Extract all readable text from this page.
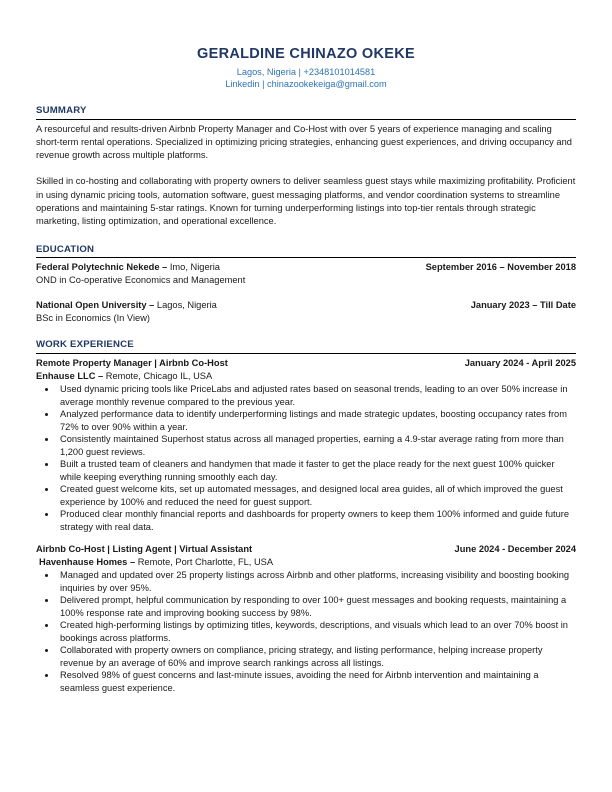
GERALDINE CHINAZO OKEKE
Lagos, Nigeria | +2348101014581
Linkedin | chinazookekeiga@gmail.com
SUMMARY

A resourceful and results-driven Airbnb Property Manager and Co-Host with over 5 years of experience managing and scaling short-term rental operations. Specialized in optimizing pricing strategies, enhancing guest experiences, and driving occupancy and revenue growth across multiple platforms.

Skilled in co-hosting and collaborating with property owners to deliver seamless guest stays while maximizing profitability. Proficient in using dynamic pricing tools, automation software, guest messaging platforms, and vendor coordination systems to streamline operations and maintaining 5-star ratings. Known for turning underperforming listings into top-tier rentals through strategic marketing, listing optimization, and operational excellence.

EDUCATION
Federal Polytechnic Nekede – Imo, Nigeria	September 2016 – November 2018
OND in Co-operative Economics and Management
National Open University – Lagos, Nigeria	January 2023 – Till Date
BSc in Economics (In View)
WORK EXPERIENCE
Remote Property Manager | Airbnb Co-Host	January 2024 - April 2025
Enhause LLC – Remote, Chicago IL, USA
• Used dynamic pricing tools like PriceLabs and adjusted rates based on seasonal trends, leading to an over 50% increase in average monthly revenue compared to the previous year.
• Analyzed performance data to identify underperforming listings and made strategic updates, boosting occupancy rates from 72% to over 90% within a year.
• Consistently maintained Superhost status across all managed properties, earning a 4.9-star average rating from more than 1,200 guest reviews.
• Built a trusted team of cleaners and handymen that made it faster to get the place ready for the next guest 100% quicker while keeping everything running smoothly each day.
• Created guest welcome kits, set up automated messages, and designed local area guides, all of which improved the guest experience by 100% and reduced the need for guest support.
• Produced clear monthly financial reports and dashboards for property owners to keep them 100% informed and guide future strategy with real data.
Airbnb Co-Host | Listing Agent | Virtual Assistant	June 2024 - December 2024
Havenhause Homes – Remote, Port Charlotte, FL, USA
• Managed and updated over 25 property listings across Airbnb and other platforms, increasing visibility and boosting booking inquiries by over 95%.
• Delivered prompt, helpful communication by responding to over 100+ guest messages and booking requests, maintaining a 100% response rate and improving booking success by 98%.
• Created high-performing listings by optimizing titles, keywords, descriptions, and visuals which lead to an over 70% boost in bookings across platforms.
• Collaborated with property owners on compliance, pricing strategy, and listing performance, helping increase property revenue by an average of 60% and improve search rankings across all listings.
• Resolved 98% of guest concerns and last-minute issues, avoiding the need for Airbnb intervention and maintaining a seamless guest experience.
